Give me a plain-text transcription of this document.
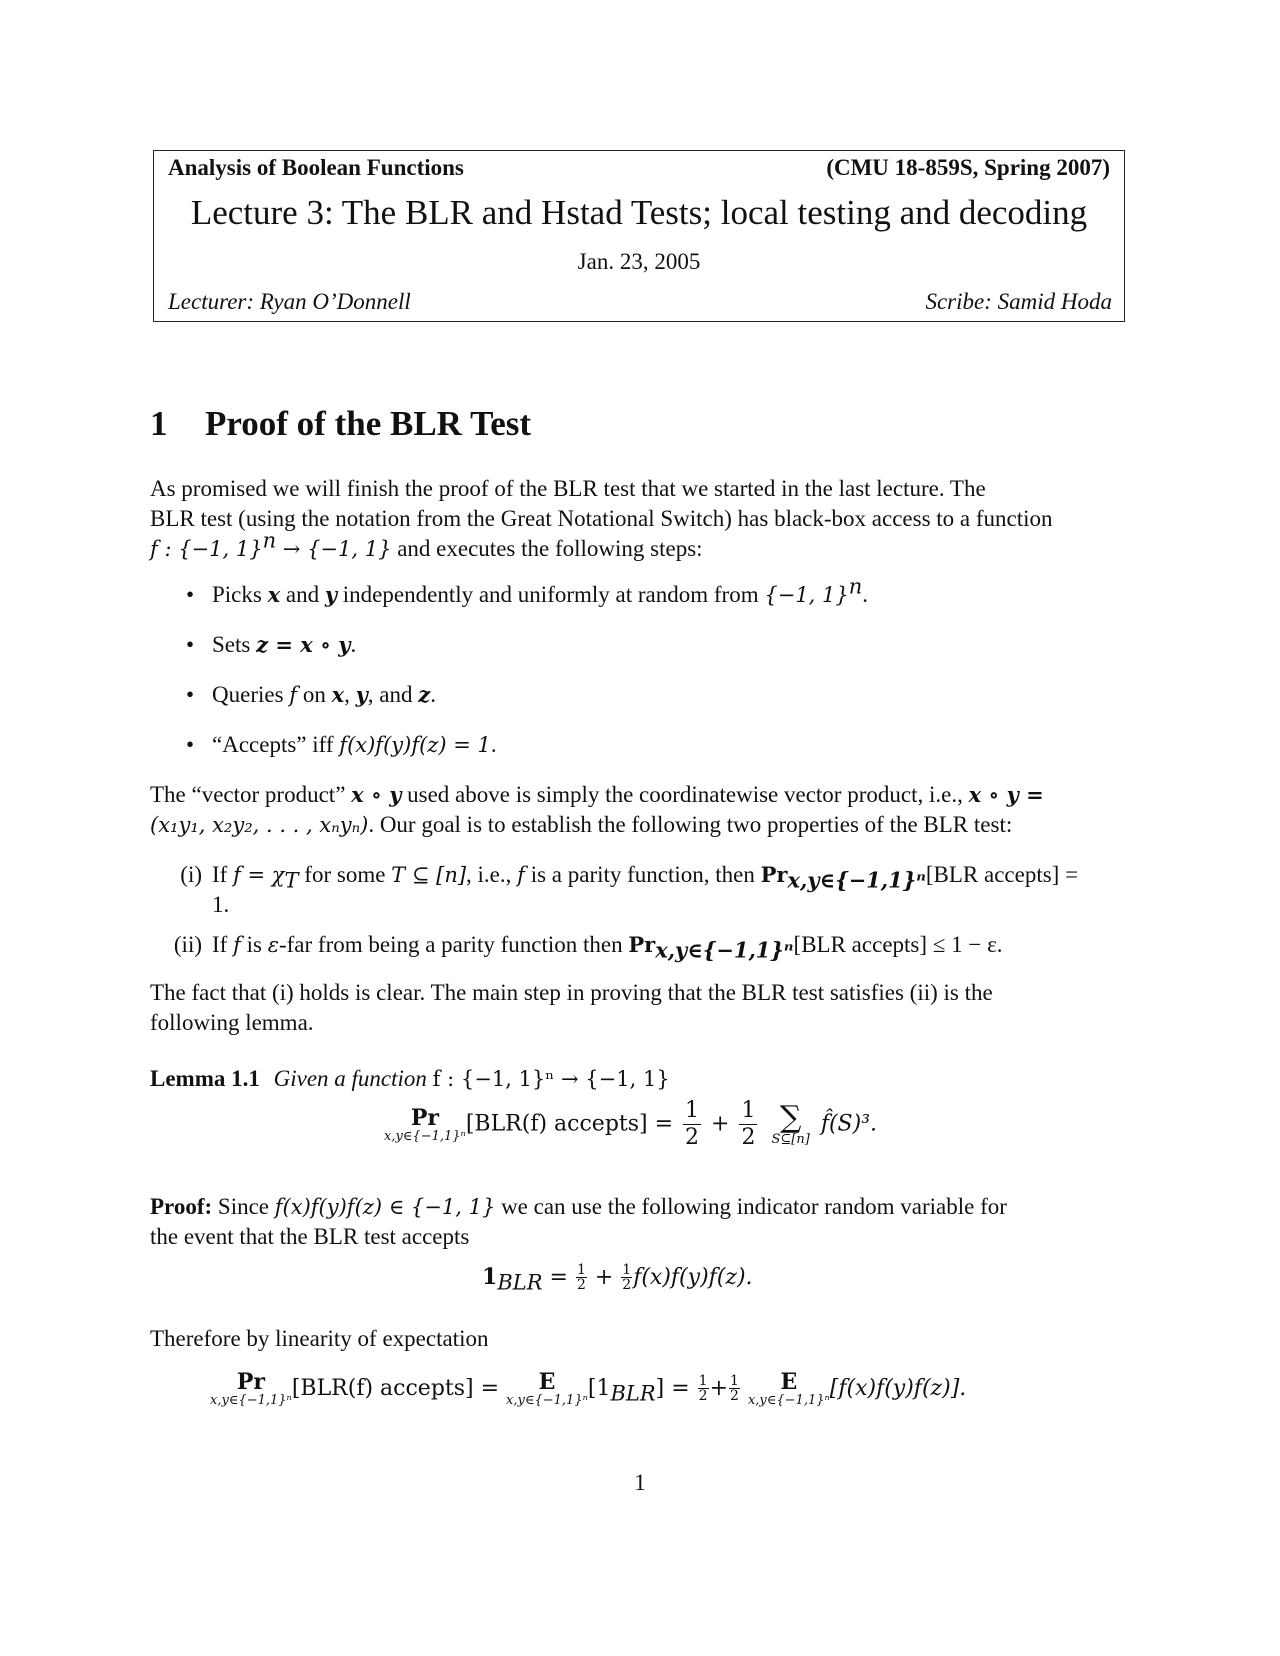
Analysis of Boolean Functions	(CMU 18-859S, Spring 2007)
Lecture 3: The BLR and Hstad Tests; local testing and decoding
Jan. 23, 2005
Lecturer: Ryan O’Donnell	Scribe: Samid Hoda
1 Proof of the BLR Test
As promised we will finish the proof of the BLR test that we started in the last lecture. The
BLR test (using the notation from the Great Notational Switch) has black-box access to a function
f : {−1, 1}$^n$ → {−1, 1} and executes the following steps:
• Picks x and y independently and uniformly at random from {−1, 1}$^n$.
• Sets z = x ∘ y.
• Queries f on x, y, and z.
• “Accepts” iff f(x)f(y)f(z) = 1.
The “vector product” x ∘ y used above is simply the coordinatewise vector product, i.e., x ∘ y =
(x₁y₁, x₂y₂, . . . , xₙyₙ). Our goal is to establish the following two properties of the BLR test:
(i) If $f = \chi_T$ for some T ⊆ [n], i.e., f is a parity function, then $Pr_{x,y\in\{-1,1\}^n}[BLR$ accepts] =
1.
(ii) If f is ε-far from being a parity function then $Pr_{x,y\in\{-1,1\}^n}[BLR$ accepts] ≤ 1 − ε.
The fact that (i) holds is clear. The main step in proving that the BLR test satisfies (ii) is the
following lemma.
Lemma 1.1 Given a function f : {−1, 1}ⁿ → {−1, 1}
Pr
x,y∈{−1,1}ⁿ [BLR(f) accepts] = $\frac{1}{2} + \frac{1}{2}$
∑
S⊆[n]
f̂(S)³.
Proof: Since f(x)f(y)f(z) ∈ {−1, 1} we can use the following indicator random variable for
the event that the BLR test accepts
$1_{BLR} = \frac{1}{2} + \frac{1}{2} f(x)f(y)f(z)$.
Therefore by linearity of expectation
Pr
x,y∈{−1,1}ⁿ [BLR(f) accepts] =	E
x,y∈{−1,1}ⁿ $[1_{BLR}] = \frac{1}{2} + \frac{1}{2}$
	E
x,y∈{−1,1}ⁿ [f(x)f(y)f(z)].
1
